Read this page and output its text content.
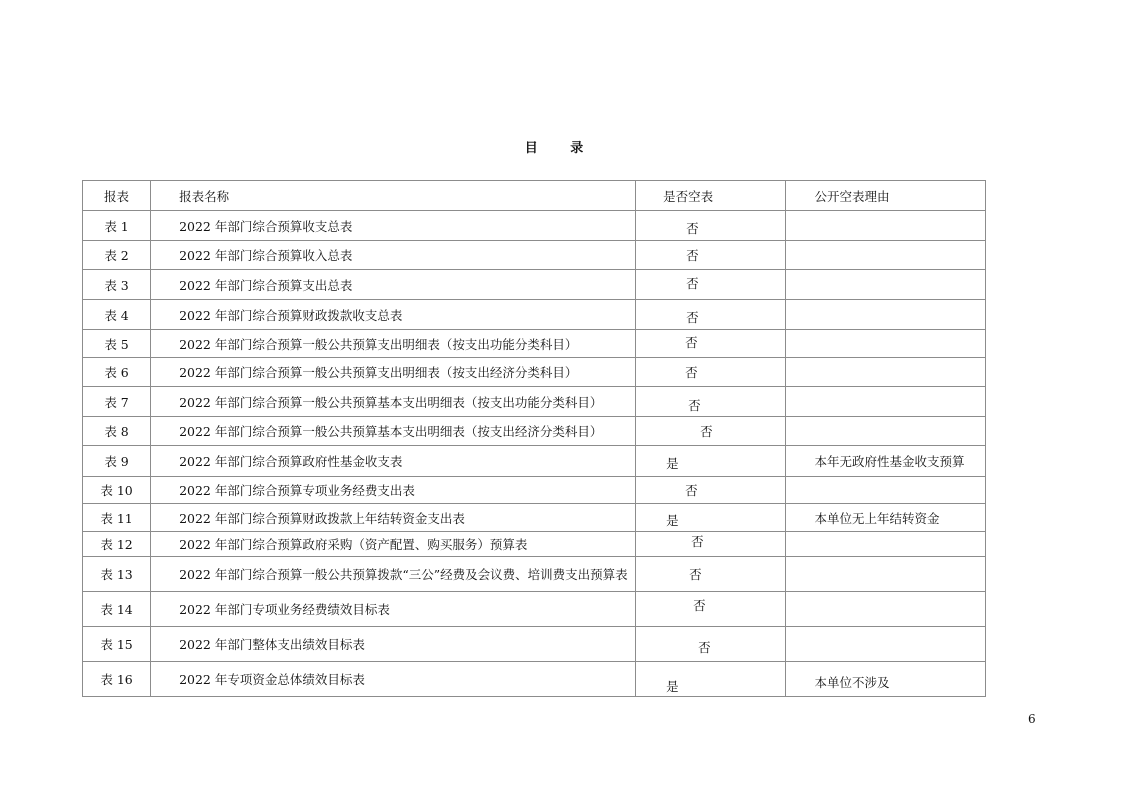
目 录
报表	报表名称	是否空表	公开空表理由
表 1	2022 年部门综合预算收支总表	否	
表 2	2022 年部门综合预算收入总表	否	
表 3	2022 年部门综合预算支出总表	否	
表 4	2022 年部门综合预算财政拨款收支总表	否	
表 5	2022 年部门综合预算一般公共预算支出明细表（按支出功能分类科目）	否	
表 6	2022 年部门综合预算一般公共预算支出明细表（按支出经济分类科目）	否	
表 7	2022 年部门综合预算一般公共预算基本支出明细表（按支出功能分类科目）	否	
表 8	2022 年部门综合预算一般公共预算基本支出明细表（按支出经济分类科目）	否	
表 9	2022 年部门综合预算政府性基金收支表	是	本年无政府性基金收支预算
表 10	2022 年部门综合预算专项业务经费支出表	否	
表 11	2022 年部门综合预算财政拨款上年结转资金支出表	是	本单位无上年结转资金
表 12	2022 年部门综合预算政府采购（资产配置、购买服务）预算表	否	
表 13	2022 年部门综合预算一般公共预算拨款“三公”经费及会议费、培训费支出预算表	否	
表 14	2022 年部门专项业务经费绩效目标表	否	
表 15	2022 年部门整体支出绩效目标表	否	
表 16	2022 年专项资金总体绩效目标表	是	本单位不涉及
6
